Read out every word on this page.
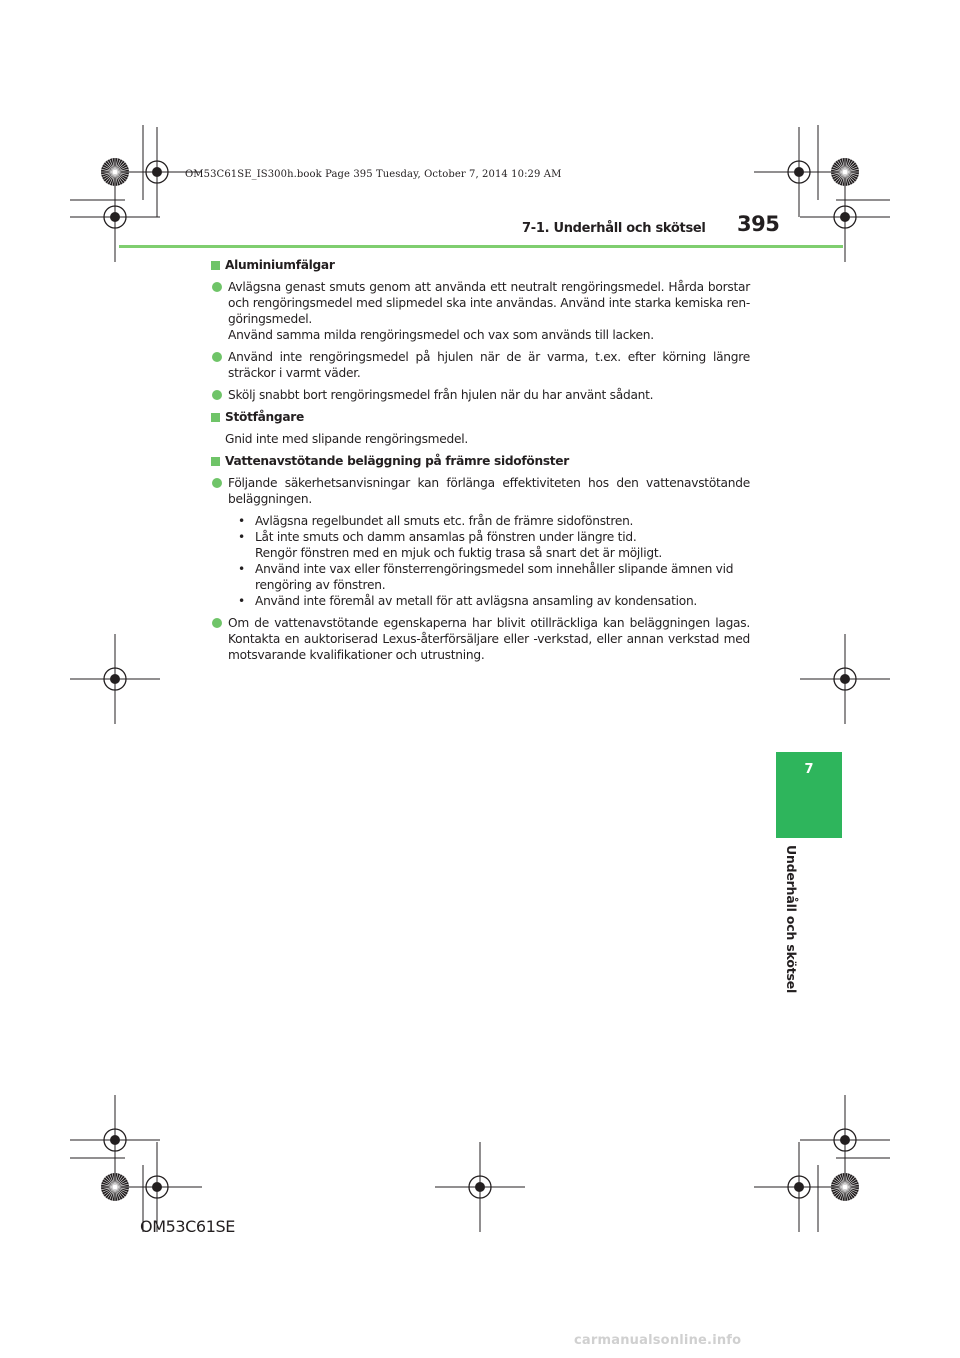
OM53C61SE_IS300h.book Page 395 Tuesday, October 7, 2014 10:29 AM
7-1. Underhåll och skötsel 395
7
Underhåll och skötsel
Aluminiumfälgar

Avlägsna genast smuts genom att använda ett neutralt rengöringsmedel. Hårda borstar och rengöringsmedel med slipmedel ska inte användas. Använd inte starka kemiska ren-göringsmedel.

Använd samma milda rengöringsmedel och vax som används till lacken.

Använd inte rengöringsmedel på hjulen när de är varma, t.ex. efter körning längre sträckor i varmt väder.

Skölj snabbt bort rengöringsmedel från hjulen när du har använt sådant.

Stötfångare
Gnid inte med slipande rengöringsmedel.
Vattenavstötande beläggning på främre sidofönster

Följande säkerhetsanvisningar kan förlänga effektiviteten hos den vattenavstötande beläggningen.

• Avlägsna regelbundet all smuts etc. från de främre sidofönstren.

• Låt inte smuts och damm ansamlas på fönstren under längre tid.

Rengör fönstren med en mjuk och fuktig trasa så snart det är möjligt.

• Använd inte vax eller fönsterrengöringsmedel som innehåller slipande ämnen vid rengöring av fönstren.

• Använd inte föremål av metall för att avlägsna ansamling av kondensation.

Om de vattenavstötande egenskaperna har blivit otillräckliga kan beläggningen lagas. Kontakta en auktoriserad Lexus-återförsäljare eller -verkstad, eller annan verkstad med motsvarande kvalifikationer och utrustning.

OM53C61SE
carmanualsonline.info
